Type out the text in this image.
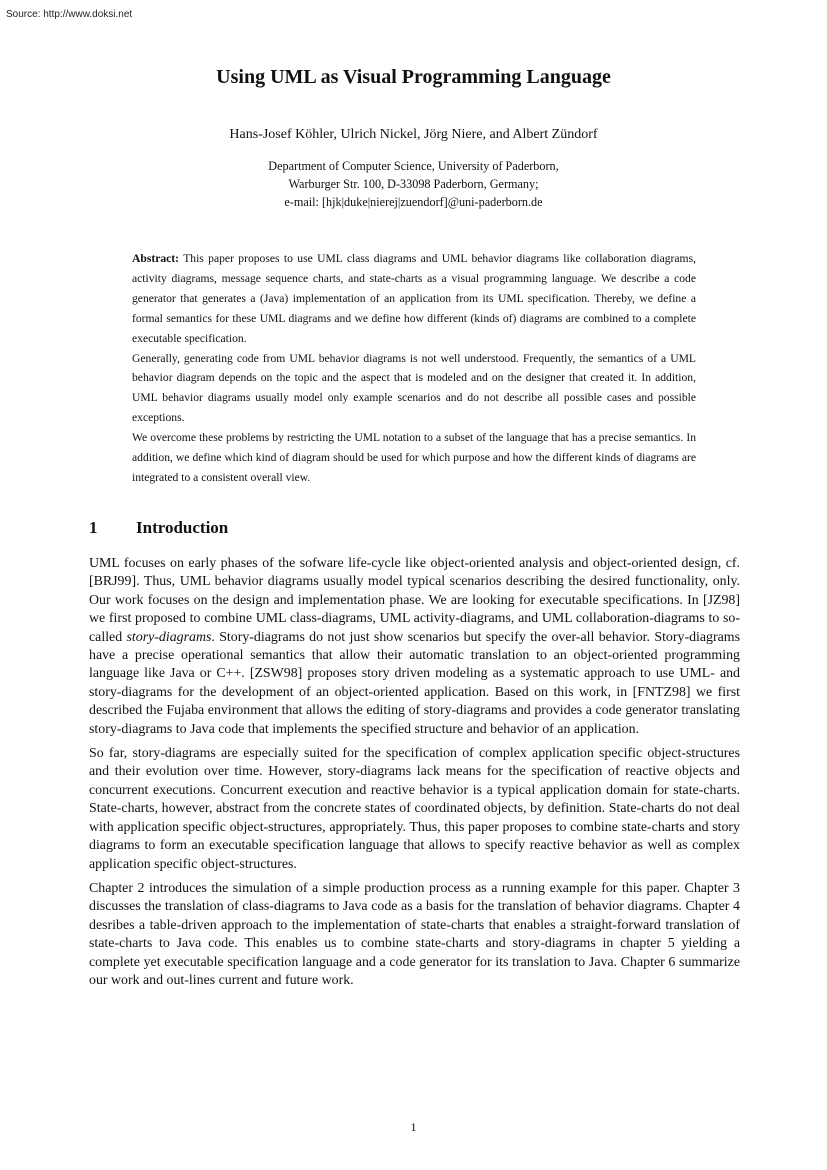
Source: http://www.doksi.net
Using UML as Visual Programming Language
Hans-Josef Köhler, Ulrich Nickel, Jörg Niere, and Albert Zündorf
Department of Computer Science, University of Paderborn,
Warburger Str. 100, D-33098 Paderborn, Germany;
e-mail: [hjk|duke|nierej|zuendorf]@uni-paderborn.de

Abstract: This paper proposes to use UML class diagrams and UML behavior diagrams like collaboration diagrams, activity diagrams, message sequence charts, and state-charts as a visual programming language. We describe a code generator that generates a (Java) implementation of an application from its UML specification. Thereby, we define a formal semantics for these UML diagrams and we define how different (kinds of) diagrams are combined to a complete executable specification.

Generally, generating code from UML behavior diagrams is not well understood. Frequently, the semantics of a UML behavior diagram depends on the topic and the aspect that is modeled and on the designer that created it. In addition, UML behavior diagrams usually model only example scenarios and do not describe all possible cases and possible exceptions.

We overcome these problems by restricting the UML notation to a subset of the language that has a precise semantics. In addition, we define which kind of diagram should be used for which purpose and how the different kinds of diagrams are integrated to a consistent overall view.

1 Introduction

UML focuses on early phases of the sofware life-cycle like object-oriented analysis and object-oriented design, cf. [BRJ99]. Thus, UML behavior diagrams usually model typical scenarios describing the desired functionality, only. Our work focuses on the design and implementation phase. We are looking for executable specifications. In [JZ98] we first proposed to combine UML class-diagrams, UML activity-diagrams, and UML collaboration-diagrams to so-called story-diagrams. Story-diagrams do not just show scenarios but specify the over-all behavior. Story-diagrams have a precise operational semantics that allow their automatic translation to an object-oriented programming language like Java or C++. [ZSW98] proposes story driven modeling as a systematic approach to use UML- and story-diagrams for the development of an object-oriented application. Based on this work, in [FNTZ98] we first described the Fujaba environment that allows the editing of story-diagrams and provides a code generator translating story-diagrams to Java code that implements the specified structure and behavior of an application.

So far, story-diagrams are especially suited for the specification of complex application specific object-structures and their evolution over time. However, story-diagrams lack means for the specification of reactive objects and concurrent executions. Concurrent execution and reactive behavior is a typical application domain for state-charts. State-charts, however, abstract from the concrete states of coordinated objects, by definition. State-charts do not deal with application specific object-structures, appropriately. Thus, this paper proposes to combine state-charts and story diagrams to form an executable specification language that allows to specify reactive behavior as well as complex application specific object-structures.

Chapter 2 introduces the simulation of a simple production process as a running example for this paper. Chapter 3 discusses the translation of class-diagrams to Java code as a basis for the translation of behavior diagrams. Chapter 4 desribes a table-driven approach to the implementation of state-charts that enables a straight-forward translation of state-charts to Java code. This enables us to combine state-charts and story-diagrams in chapter 5 yielding a complete yet executable specification language and a code generator for its translation to Java. Chapter 6 summarize our work and out-lines current and future work.

1
